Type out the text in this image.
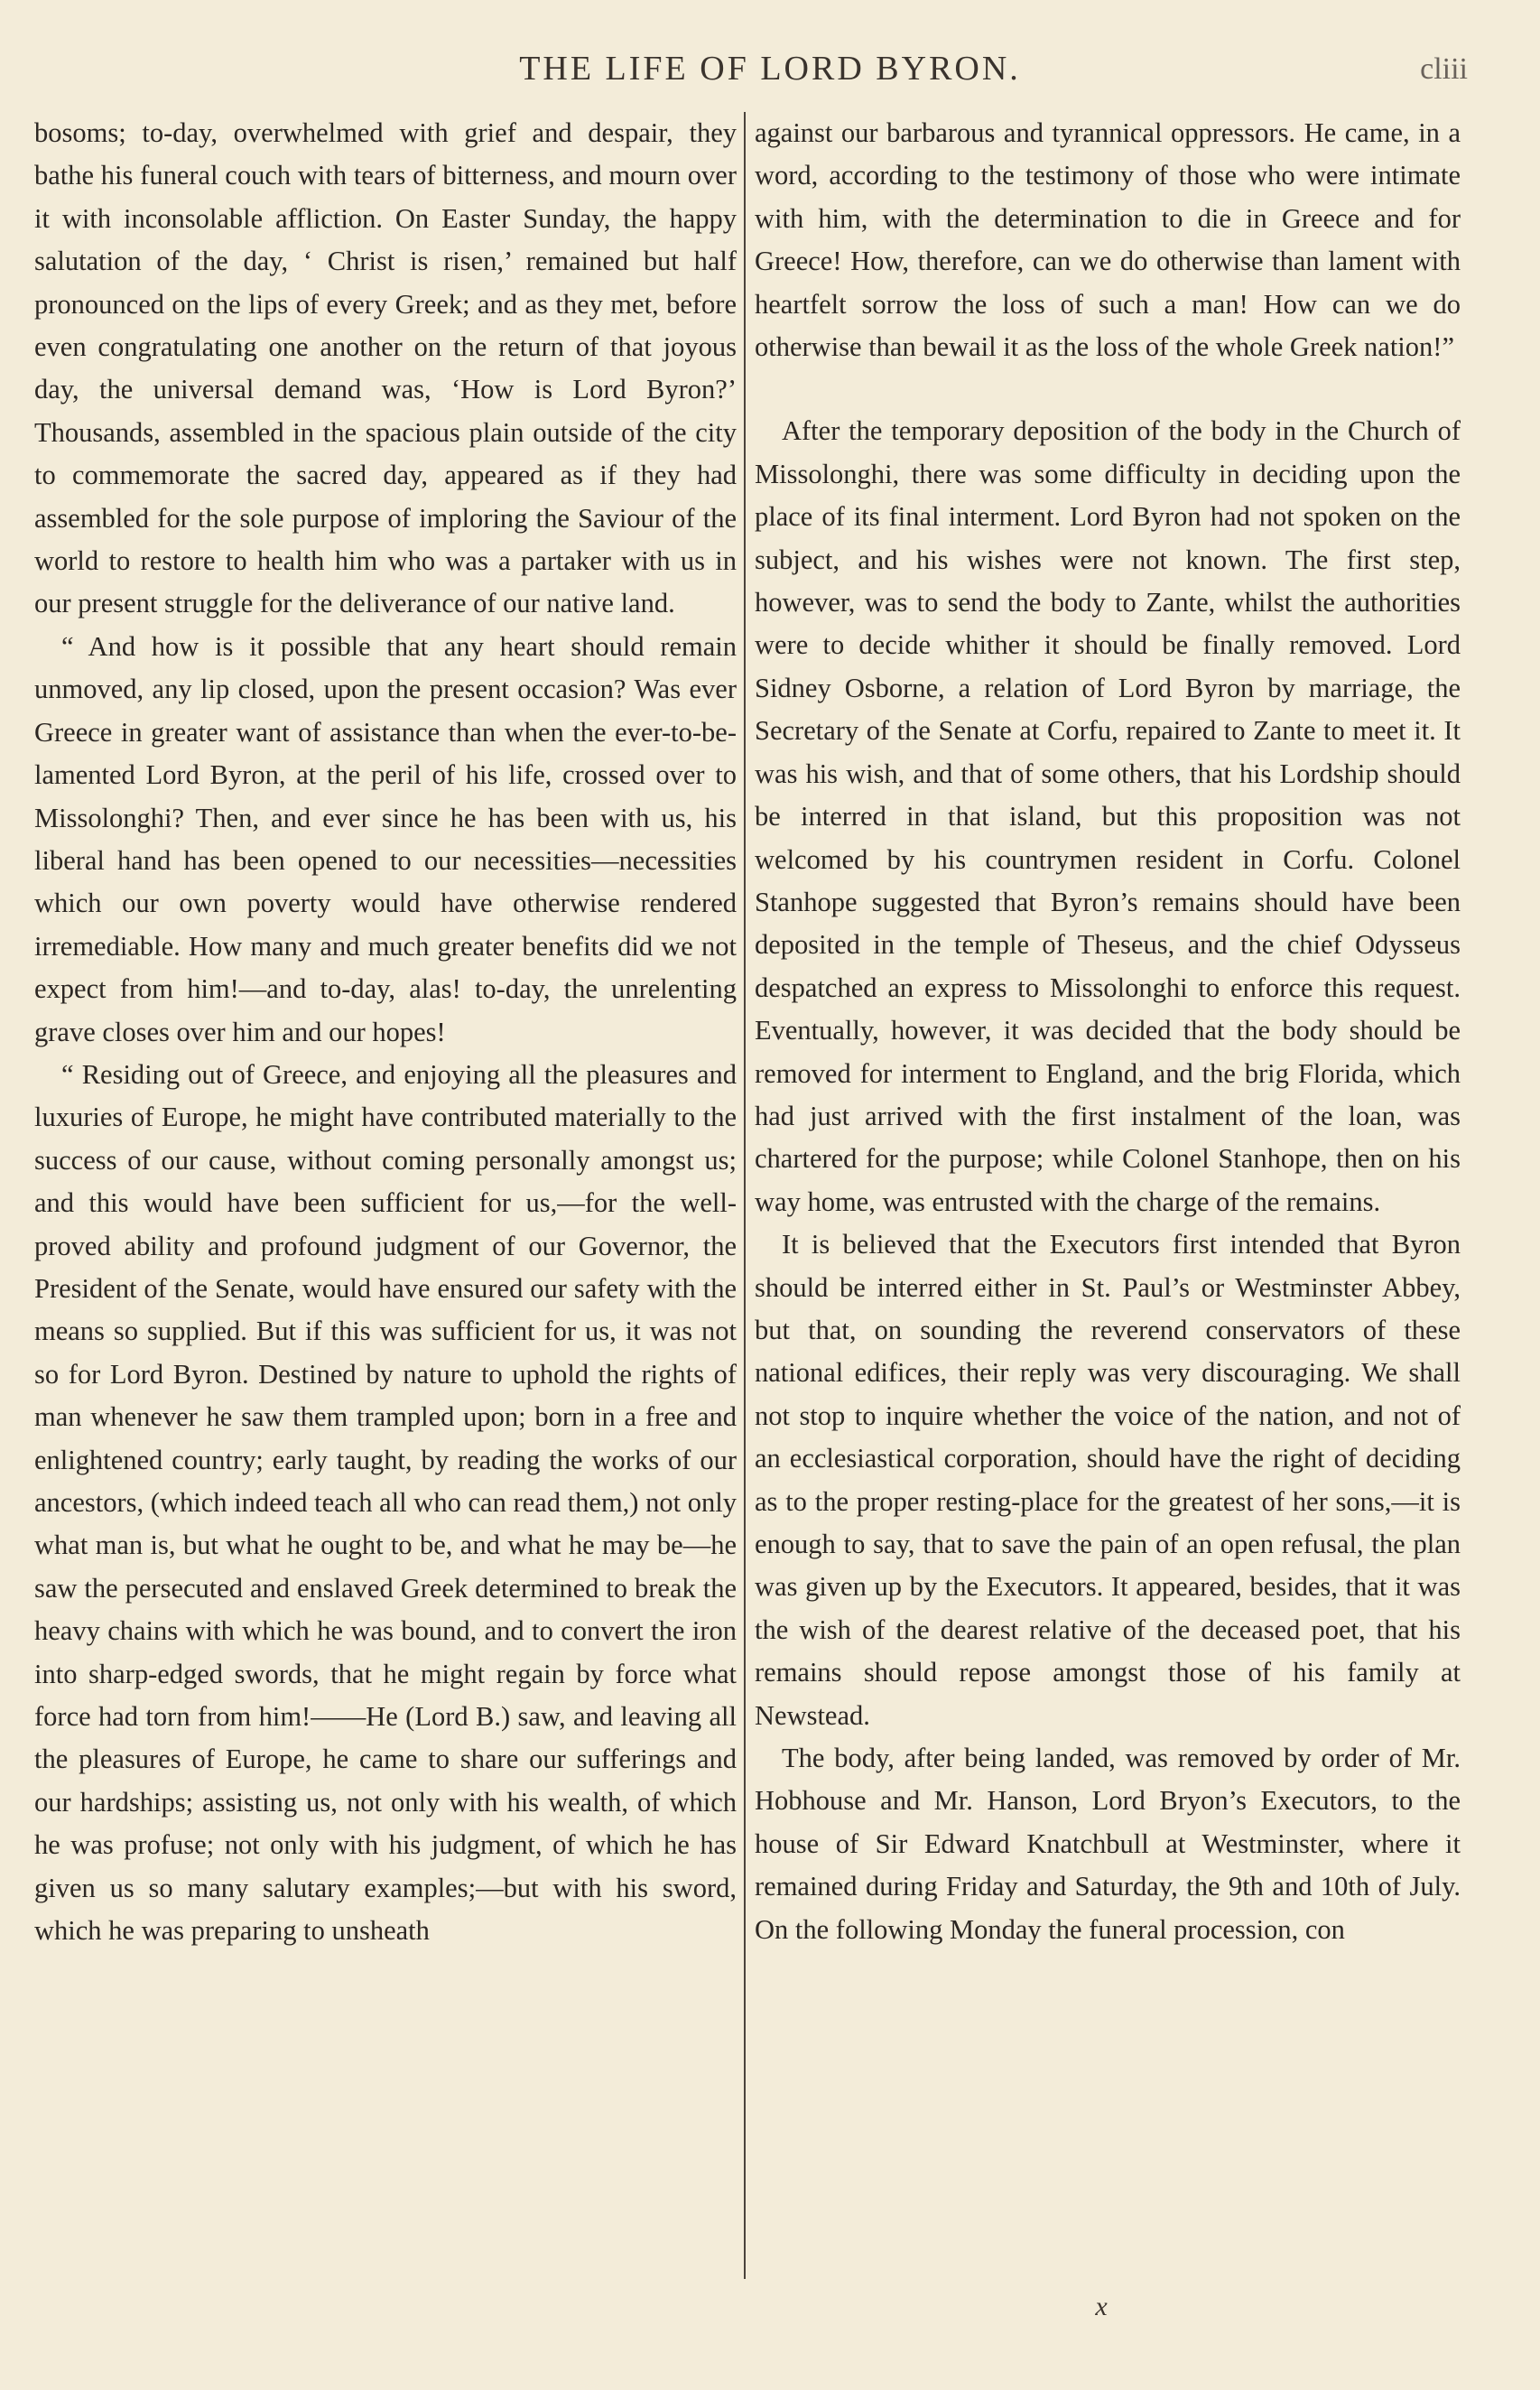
THE LIFE OF LORD BYRON.	cliii

bosoms; to-day, overwhelmed with grief and despair, they bathe his funeral couch with tears of bitterness, and mourn over it with inconsolable affliction. On Easter Sunday, the happy salutation of the day, ‘ Christ is risen,’ remained but half pronounced on the lips of every Greek; and as they met, before even congratulating one another on the return of that joyous day, the universal demand was, ‘How is Lord Byron?’ Thousands, assembled in the spacious plain outside of the city to commemorate the sacred day, appeared as if they had assembled for the sole purpose of imploring the Saviour of the world to restore to health him who was a partaker with us in our present struggle for the deliverance of our native land.

“ And how is it possible that any heart should remain unmoved, any lip closed, upon the present occasion? Was ever Greece in greater want of assistance than when the ever-to-be-lamented Lord Byron, at the peril of his life, crossed over to Missolonghi? Then, and ever since he has been with us, his liberal hand has been opened to our necessities—necessities which our own poverty would have otherwise rendered irremediable. How many and much greater benefits did we not expect from him!—and to-day, alas! to-day, the unrelenting grave closes over him and our hopes!

“ Residing out of Greece, and enjoying all the pleasures and luxuries of Europe, he might have contributed materially to the success of our cause, without coming personally amongst us; and this would have been sufficient for us,—for the well-proved ability and profound judgment of our Governor, the President of the Senate, would have ensured our safety with the means so supplied. But if this was sufficient for us, it was not so for Lord Byron. Destined by nature to uphold the rights of man whenever he saw them trampled upon; born in a free and enlightened country; early taught, by reading the works of our ancestors, (which indeed teach all who can read them,) not only what man is, but what he ought to be, and what he may be—he saw the persecuted and enslaved Greek determined to break the heavy chains with which he was bound, and to convert the iron into sharp-edged swords, that he might regain by force what force had torn from him!——He (Lord B.) saw, and leaving all the pleasures of Europe, he came to share our sufferings and our hardships; assisting us, not only with his wealth, of which he was profuse; not only with his judgment, of which he has given us so many salutary examples;—but with his sword, which he was preparing to unsheath

against our barbarous and tyrannical oppressors. He came, in a word, according to the testimony of those who were intimate with him, with the determination to die in Greece and for Greece! How, therefore, can we do otherwise than lament with heartfelt sorrow the loss of such a man! How can we do otherwise than bewail it as the loss of the whole Greek nation!”

After the temporary deposition of the body in the Church of Missolonghi, there was some difficulty in deciding upon the place of its final interment. Lord Byron had not spoken on the subject, and his wishes were not known. The first step, however, was to send the body to Zante, whilst the authorities were to decide whither it should be finally removed. Lord Sidney Osborne, a relation of Lord Byron by marriage, the Secretary of the Senate at Corfu, repaired to Zante to meet it. It was his wish, and that of some others, that his Lordship should be interred in that island, but this proposition was not welcomed by his countrymen resident in Corfu. Colonel Stanhope suggested that Byron’s remains should have been deposited in the temple of Theseus, and the chief Odysseus despatched an express to Missolonghi to enforce this request. Eventually, however, it was decided that the body should be removed for interment to England, and the brig Florida, which had just arrived with the first instalment of the loan, was chartered for the purpose; while Colonel Stanhope, then on his way home, was entrusted with the charge of the remains.

It is believed that the Executors first intended that Byron should be interred either in St. Paul’s or Westminster Abbey, but that, on sounding the reverend conservators of these national edifices, their reply was very discouraging. We shall not stop to inquire whether the voice of the nation, and not of an ecclesiastical corporation, should have the right of deciding as to the proper resting-place for the greatest of her sons,—it is enough to say, that to save the pain of an open refusal, the plan was given up by the Executors. It appeared, besides, that it was the wish of the dearest relative of the deceased poet, that his remains should repose amongst those of his family at Newstead.

The body, after being landed, was removed by order of Mr. Hobhouse and Mr. Hanson, Lord Bryon’s Executors, to the house of Sir Edward Knatchbull at Westminster, where it remained during Friday and Saturday, the 9th and 10th of July. On the following Monday the funeral procession, con

x
